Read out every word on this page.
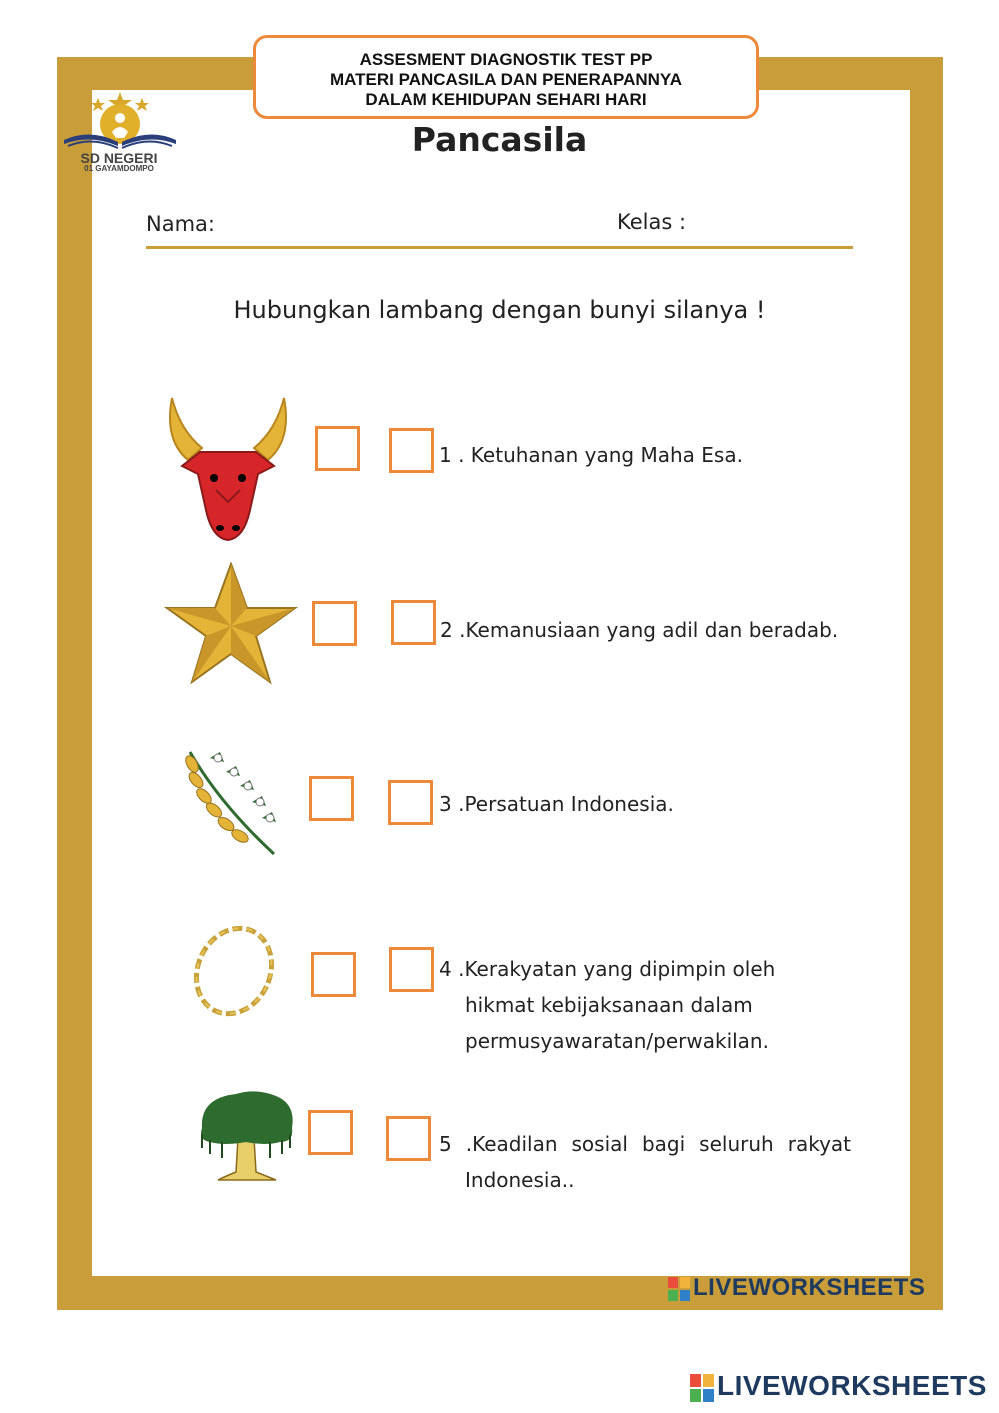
ASSESMENT DIAGNOSTIK TEST PP
MATERI PANCASILA DAN PENERAPANNYA
DALAM KEHIDUPAN SEHARI HARI
SD NEGERI
01 GAYAMDOMPO
Pancasila
Nama:	Kelas :
Hubungkan lambang dengan bunyi silanya !
1 . Ketuhanan yang Maha Esa.
2 .Kemanusiaan yang adil dan beradab.
3 .Persatuan Indonesia.
4 .Kerakyatan yang dipimpin oleh
hikmat kebijaksanaan dalam
permusyawaratan/perwakilan.
5 .Keadilan sosial bagi seluruh rakyat
Indonesia..
LIVEWORKSHEETS
LIVEWORKSHEETS
